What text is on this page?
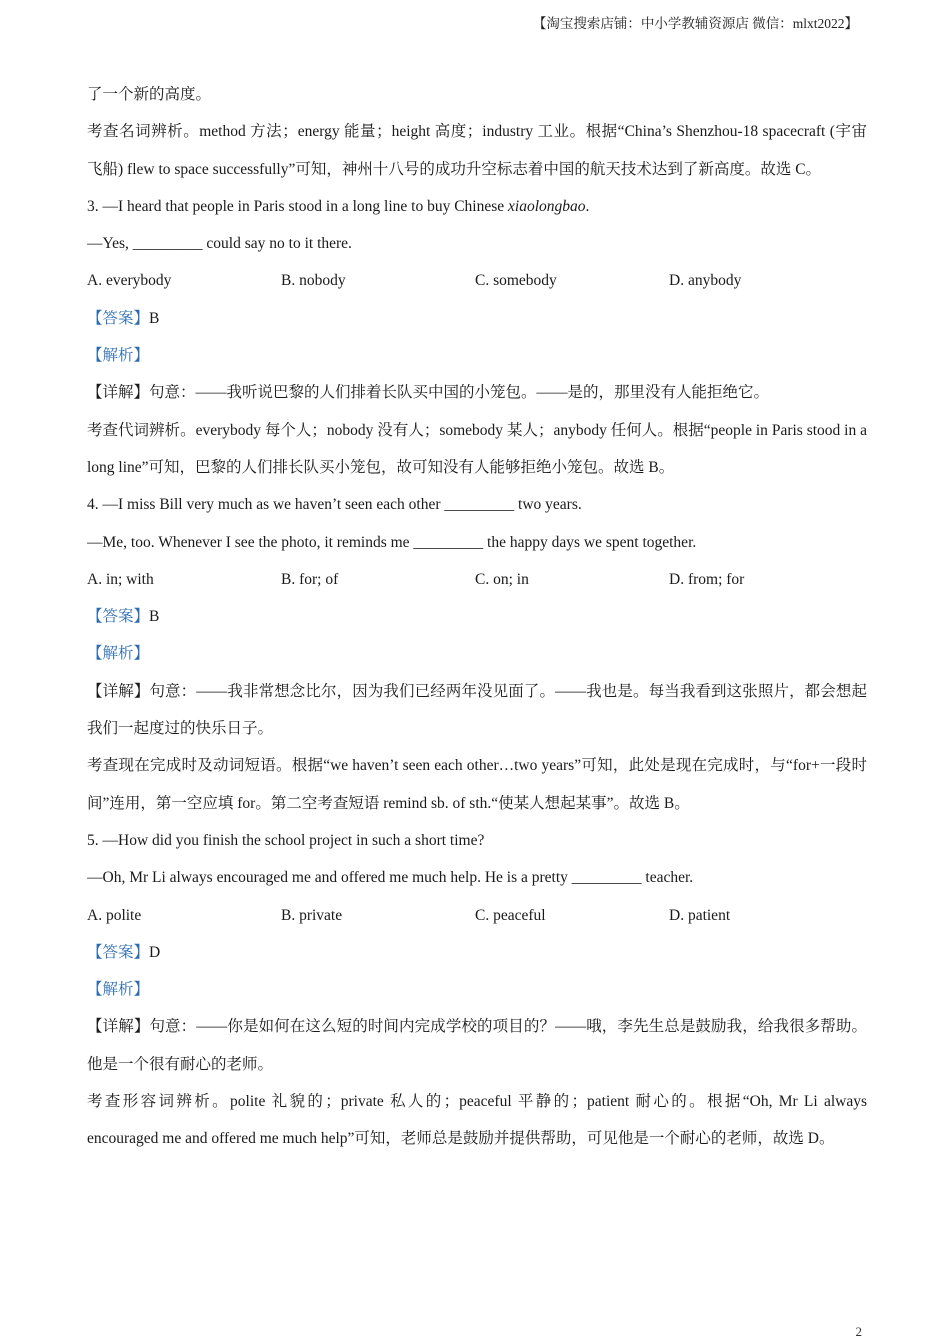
【淘宝搜索店铺：中小学教辅资源店 微信：mlxt2022】
了一个新的高度。
考查名词辨析。method 方法；energy 能量；height 高度；industry 工业。根据“China’s Shenzhou-18 spacecraft (宇宙飞船) flew to space successfully”可知，神州十八号的成功升空标志着中国的航天技术达到了新高度。故选 C。
3. —I heard that people in Paris stood in a long line to buy Chinese xiaolongbao.
—Yes, _________ could say no to it there.
A. everybody	B. nobody	C. somebody	D. anybody
【答案】B
【解析】
【详解】句意：——我听说巴黎的人们排着长队买中国的小笼包。——是的，那里没有人能拒绝它。
考查代词辨析。everybody 每个人；nobody 没有人；somebody 某人；anybody 任何人。根据“people in Paris stood in a long line”可知，巴黎的人们排长队买小笼包，故可知没有人能够拒绝小笼包。故选 B。
4. —I miss Bill very much as we haven’t seen each other _________ two years.
—Me, too. Whenever I see the photo, it reminds me _________ the happy days we spent together.
A. in; with	B. for; of	C. on; in	D. from; for
【答案】B
【解析】
【详解】句意：——我非常想念比尔，因为我们已经两年没见面了。——我也是。每当我看到这张照片，都会想起我们一起度过的快乐日子。
考查现在完成时及动词短语。根据“we haven’t seen each other…two years”可知，此处是现在完成时，与“for+一段时间”连用，第一空应填 for。第二空考查短语 remind sb. of sth.“使某人想起某事”。故选 B。
5. —How did you finish the school project in such a short time?
—Oh, Mr Li always encouraged me and offered me much help. He is a pretty _________ teacher.
A. polite	B. private	C. peaceful	D. patient
【答案】D
【解析】
【详解】句意：——你是如何在这么短的时间内完成学校的项目的？——哦，李先生总是鼓励我，给我很多帮助。他是一个很有耐心的老师。
考查形容词辨析。polite 礼貌的；private 私人的；peaceful 平静的；patient 耐心的。根据“Oh, Mr Li always encouraged me and offered me much help”可知，老师总是鼓励并提供帮助，可见他是一个耐心的老师，故选 D。
2
